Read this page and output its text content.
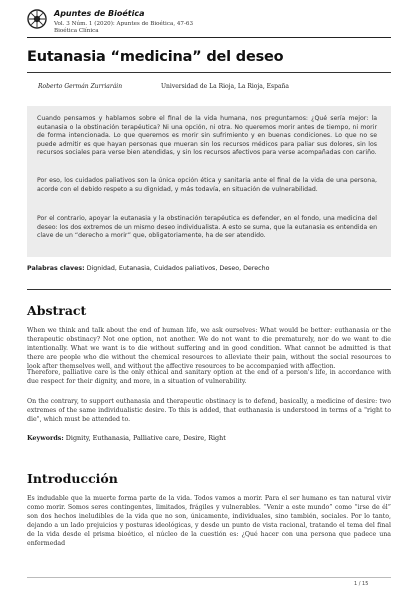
Apuntes de Bioética
Vol. 3 Núm. 1 (2020): Apuntes de Bioética, 47-63
Bioética Clínica
Eutanasia “medicina” del deseo
Roberto Germán Zurriaráin	Universidad de La Rioja, La Rioja, España

Cuando pensamos y hablamos sobre el final de la vida humana, nos preguntamos: ¿Qué sería mejor: la eutanasia o la obstinación terapéutica? Ni una opción, ni otra. No queremos morir antes de tiempo, ni morir de forma intencionada. Lo que queremos es morir sin sufrimiento y en buenas condiciones. Lo que no se puede admitir es que hayan personas que mueran sin los recursos médicos para paliar sus dolores, sin los recursos sociales para verse bien atendidas, y sin los recursos afectivos para verse acompañadas con cariño.

Por eso, los cuidados paliativos son la única opción ética y sanitaria ante el final de la vida de una persona, acorde con el debido respeto a su dignidad, y más todavía, en situación de vulnerabilidad.

Por el contrario, apoyar la eutanasia y la obstinación terapéutica es defender, en el fondo, una medicina del deseo: los dos extremos de un mismo deseo individualista. A esto se suma, que la eutanasia es entendida en clave de un “derecho a morir” que, obligatoriamente, ha de ser atendido.

Palabras claves: Dignidad, Eutanasia, Cuidados paliativos, Deseo, Derecho
Abstract

When we think and talk about the end of human life, we ask ourselves: What would be better: euthanasia or the therapeutic obstinacy? Not one option, not another. We do not want to die prematurely, nor do we want to die intentionally. What we want is to die without suffering and in good condition. What cannot be admitted is that there are people who die without the chemical resources to alleviate their pain, without the social resources to look after themselves well, and without the affective resources to be accompanied with affection.

Therefore, palliative care is the only ethical and sanitary option at the end of a person's life, in accordance with due respect for their dignity, and more, in a situation of vulnerability.

On the contrary, to support euthanasia and therapeutic obstinacy is to defend, basically, a medicine of desire: two extremes of the same individualistic desire. To this is added, that euthanasia is understood in terms of a "right to die", which must be attended to.

Keywords: Dignity, Euthanasia, Palliative care, Desire, Right
Introducción

Es indudable que la muerte forma parte de la vida. Todos vamos a morir. Para el ser humano es tan natural vivir como morir. Somos seres contingentes, limitados, frágiles y vulnerables. “Venir a este mundo” como “irse de él” son dos hechos ineludibles de la vida que no son, únicamente, individuales, sino también, sociales. Por lo tanto, dejando a un lado prejuicios y posturas ideológicas, y desde un punto de vista racional, tratando el tema del final de la vida desde el prisma bioético, el núcleo de la cuestión es: ¿Qué hacer con una persona que padece una enfermedad

1 / 15
